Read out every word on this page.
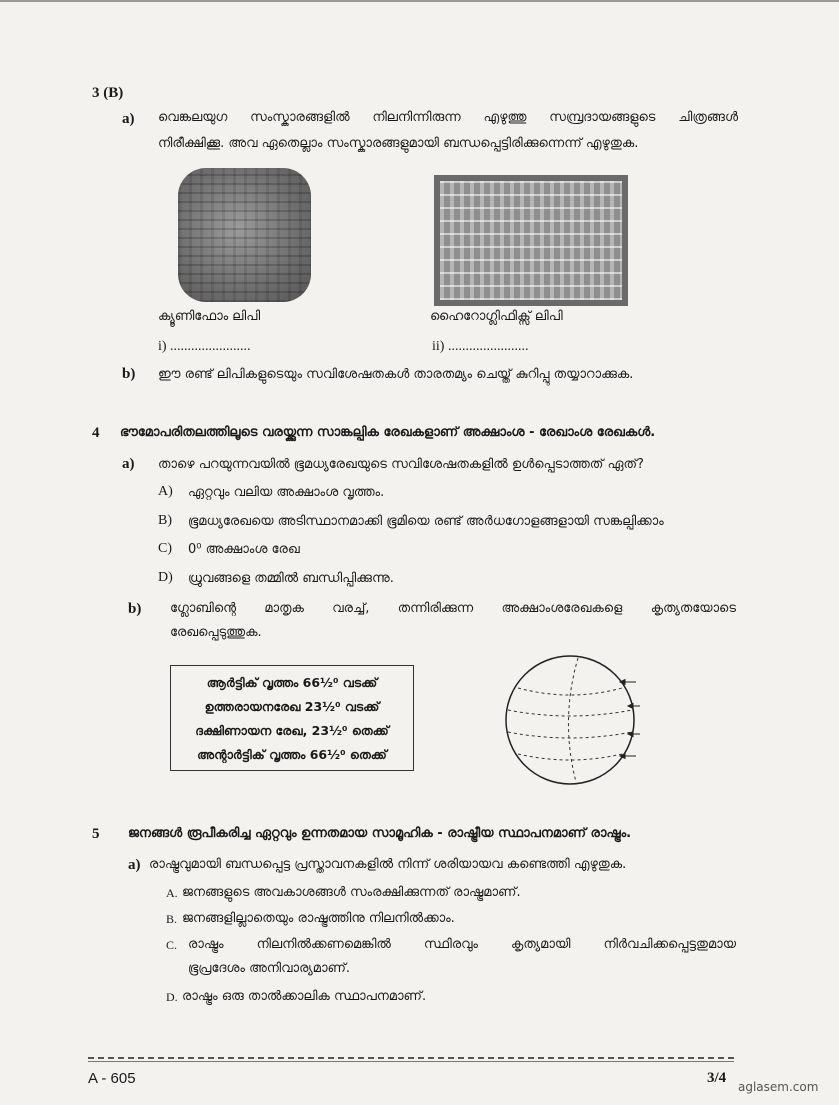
3 (B)
a) വെങ്കലയുഗ സംസ്കാരങ്ങളിൽ നിലനിന്നിരുന്ന എഴുത്തു സമ്പ്രദായങ്ങളുടെ ചിത്രങ്ങൾ
നിരീക്ഷിക്കൂ. അവ ഏതെല്ലാം സംസ്കാരങ്ങളുമായി ബന്ധപ്പെട്ടിരിക്കുന്നെന്ന് എഴുതുക.
ക്യൂണിഫോം ലിപി	ഹൈറോഗ്ലിഫിക്സ് ലിപി
i) .......................	ii) .......................
b) ഈ രണ്ട് ലിപികളുടെയും സവിശേഷതകൾ താരതമ്യം ചെയ്ത് കുറിപ്പു തയ്യാറാക്കുക.
4 ഭൗമോപരിതലത്തിലൂടെ വരയ്ക്കുന്ന സാങ്കല്പിക രേഖകളാണ് അക്ഷാംശ - രേഖാംശ രേഖകൾ.
a) താഴെ പറയുന്നവയിൽ ഭൂമധ്യരേഖയുടെ സവിശേഷതകളിൽ ഉൾപ്പെടാത്തത് ഏത്?
A) ഏറ്റവും വലിയ അക്ഷാംശ വൃത്തം.
B) ഭൂമധ്യരേഖയെ അടിസ്ഥാനമാക്കി ഭൂമിയെ രണ്ട് അർധഗോളങ്ങളായി സങ്കല്പിക്കാം
C) 0⁰ അക്ഷാംശ രേഖ
D) ധ്രുവങ്ങളെ തമ്മിൽ ബന്ധിപ്പിക്കുന്നു.
b) ഗ്ലോബിന്റെ മാതൃക വരച്ച്, തന്നിരിക്കുന്ന അക്ഷാംശരേഖകളെ കൃത്യതയോടെ
രേഖപ്പെടുത്തുക.
ആർട്ടിക് വൃത്തം 66½⁰ വടക്ക്
ഉത്തരായനരേഖ 23½⁰ വടക്ക്
ദക്ഷിണായന രേഖ, 23½⁰ തെക്ക്
അന്റാർട്ടിക് വൃത്തം 66½⁰ തെക്ക്
5 ജനങ്ങൾ രൂപീകരിച്ച ഏറ്റവും ഉന്നതമായ സാമൂഹിക - രാഷ്ട്രീയ സ്ഥാപനമാണ് രാഷ്ട്രം.
a) രാഷ്ട്രവുമായി ബന്ധപ്പെട്ട പ്രസ്താവനകളിൽ നിന്ന് ശരിയായവ കണ്ടെത്തി എഴുതുക.
A. ജനങ്ങളുടെ അവകാശങ്ങൾ സംരക്ഷിക്കുന്നത് രാഷ്ട്രമാണ്.
B. ജനങ്ങളില്ലാതെയും രാഷ്ട്രത്തിനു നിലനിൽക്കാം.
C. രാഷ്ട്രം നിലനിൽക്കണമെങ്കിൽ സ്ഥിരവും കൃത്യമായി നിർവചിക്കപ്പെട്ടതുമായ
ഭൂപ്രദേശം അനിവാര്യമാണ്.
D. രാഷ്ട്രം ഒരു താൽക്കാലിക സ്ഥാപനമാണ്.
A - 605	3/4
aglasem.com
